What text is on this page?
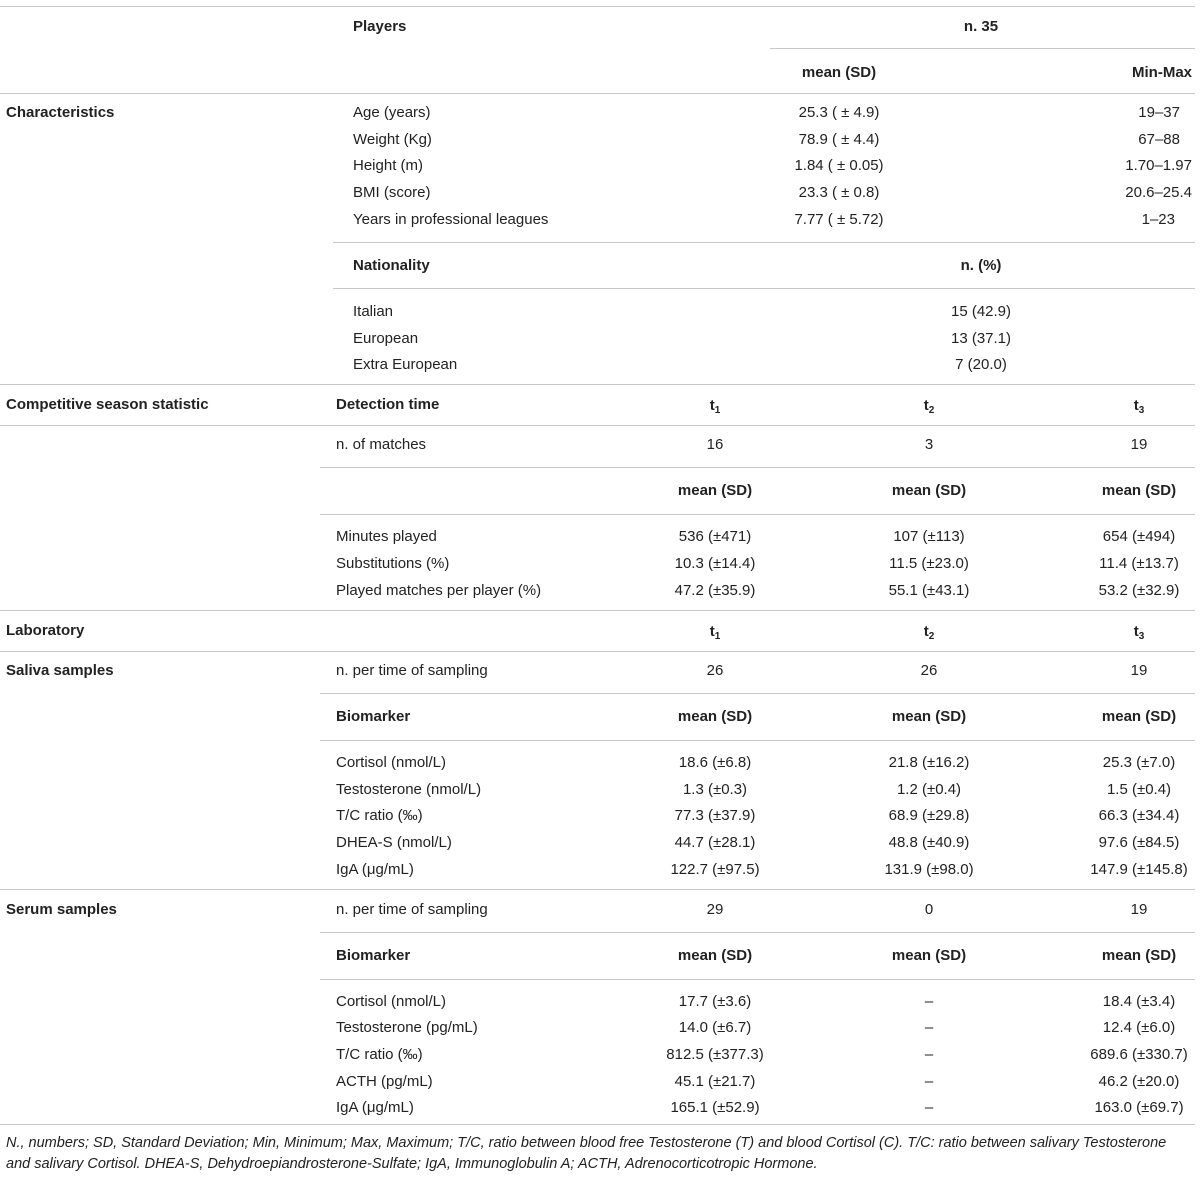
Players	n. 35
mean (SD)	Min-Max
Characteristics	Age (years)	25.3 ( ± 4.9)	19–37
Weight (Kg)	78.9 ( ± 4.4)	67–88
Height (m)	1.84 ( ± 0.05)	1.70–1.97
BMI (score)	23.3 ( ± 0.8)	20.6–25.4
Years in professional leagues	7.77 ( ± 5.72)	1–23
Nationality	n. (%)
Italian	15 (42.9)
European	13 (37.1)
Extra European	7 (20.0)
Competitive season statistic	Detection time	$t_1$	$t_2$	$t_3$
n. of matches	16	3	19
mean (SD)	mean (SD)	mean (SD)
Minutes played	536 (±471)	107 (±113)	654 (±494)
Substitutions (%)	10.3 (±14.4)	11.5 (±23.0)	11.4 (±13.7)
Played matches per player (%)	47.2 (±35.9)	55.1 (±43.1)	53.2 (±32.9)
Laboratory	$t_1$	$t_2$	$t_3$
Saliva samples	n. per time of sampling	26	26	19
Biomarker	mean (SD)	mean (SD)	mean (SD)
Cortisol (nmol/L)	18.6 (±6.8)	21.8 (±16.2)	25.3 (±7.0)
Testosterone (nmol/L)	1.3 (±0.3)	1.2 (±0.4)	1.5 (±0.4)
T/C ratio (‰)	77.3 (±37.9)	68.9 (±29.8)	66.3 (±34.4)
DHEA-S (nmol/L)	44.7 (±28.1)	48.8 (±40.9)	97.6 (±84.5)
IgA (μg/mL)	122.7 (±97.5)	131.9 (±98.0)	147.9 (±145.8)
Serum samples	n. per time of sampling	29	0	19
Biomarker	mean (SD)	mean (SD)	mean (SD)
Cortisol (nmol/L)	17.7 (±3.6)	–	18.4 (±3.4)
Testosterone (pg/mL)	14.0 (±6.7)	–	12.4 (±6.0)
T/C ratio (‰)	812.5 (±377.3)	–	689.6 (±330.7)
ACTH (pg/mL)	45.1 (±21.7)	–	46.2 (±20.0)
IgA (μg/mL)	165.1 (±52.9)	–	163.0 (±69.7)
N., numbers; SD, Standard Deviation; Min, Minimum; Max, Maximum; T/C, ratio between blood free Testosterone (T) and blood Cortisol (C). T/C: ratio between salivary Testosterone and salivary Cortisol. DHEA-S, Dehydroepiandrosterone-Sulfate; IgA, Immunoglobulin A; ACTH, Adrenocorticotropic Hormone.
